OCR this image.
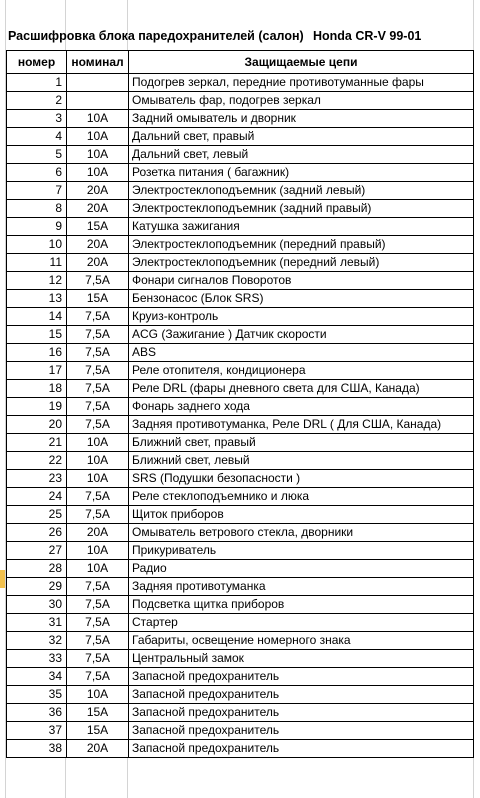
Расшифровка блока паредохранителей (салон) Honda CR-V 99-01
номер	номинал	Защищаемые цепи
1		Подогрев зеркал, передние противотуманные фары
2		Омыватель фар, подогрев зеркал
3	10A	Задний омыватель и дворник
4	10A	Дальний свет, правый
5	10A	Дальний свет, левый
6	10A	Розетка питания ( багажник)
7	20A	Электростеклоподъемник (задний левый)
8	20A	Электростеклоподъемник (задний правый)
9	15A	Катушка зажигания
10	20A	Электростеклоподъемник (передний правый)
11	20A	Электростеклоподъемник (передний левый)
12	7,5A	Фонари сигналов Поворотов
13	15A	Бензонасос (Блок SRS)
14	7,5A	Круиз-контроль
15	7,5A	ACG (Зажигание ) Датчик скорости
16	7,5A	ABS
17	7,5A	Реле отопителя, кондиционера
18	7,5A	Реле DRL (фары дневного света для США, Канада)
19	7,5A	Фонарь заднего хода
20	7,5A	Задняя противотуманка, Реле DRL ( Для США, Канада)
21	10A	Ближний свет, правый
22	10A	Ближний свет, левый
23	10A	SRS (Подушки безопасности )
24	7,5A	Реле стеклоподъемнико и люка
25	7,5A	Щиток приборов
26	20A	Омыватель ветрового стекла, дворники
27	10A	Прикуриватель
28	10A	Радио
29	7,5A	Задняя противотуманка
30	7,5A	Подсветка щитка приборов
31	7,5A	Стартер
32	7,5A	Габариты, освещение номерного знака
33	7,5A	Центральный замок
34	7,5A	Запасной предохранитель
35	10A	Запасной предохранитель
36	15A	Запасной предохранитель
37	15A	Запасной предохранитель
38	20A	Запасной предохранитель
